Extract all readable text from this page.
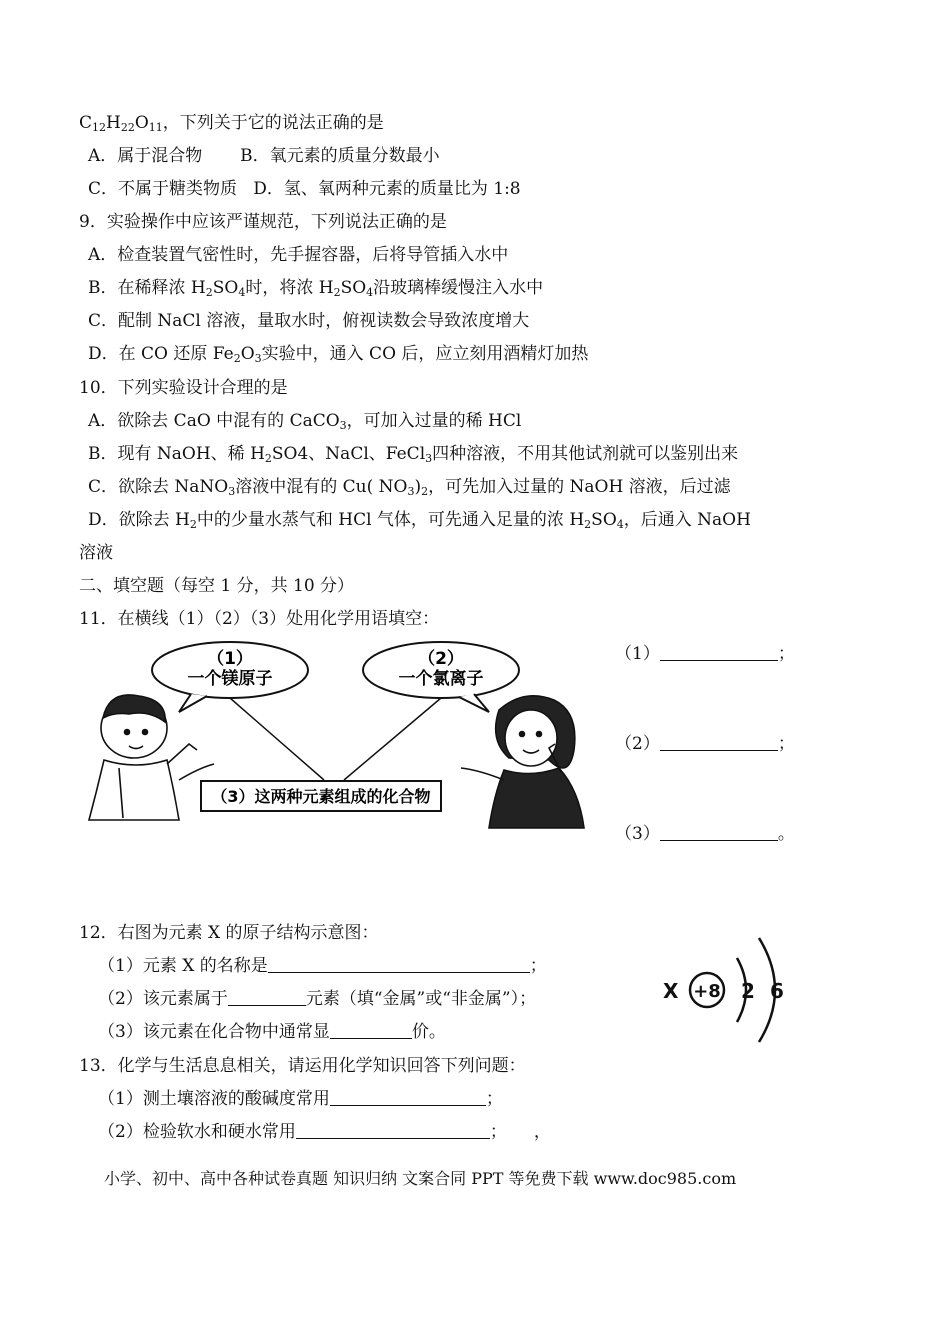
$C_{12}H_{22}O_{11}$，下列关于它的说法正确的是
A．属于混合物 B．氧元素的质量分数最小
C．不属于糖类物质 D．氢、氧两种元素的质量比为 1:8
9．实验操作中应该严谨规范，下列说法正确的是
A．检查装置气密性时，先手握容器，后将导管插入水中
B．在稀释浓 $H_2SO_4$时，将浓 $H_2SO_4$沿玻璃棒缓慢注入水中
C．配制 NaCl 溶液，量取水时，俯视读数会导致浓度增大
D．在 CO 还原 $Fe_2O_3$实验中，通入 CO 后，应立刻用酒精灯加热
10．下列实验设计合理的是
A．欲除去 CaO 中混有的 CaCO$_3$，可加入过量的稀 HCl
B．现有 NaOH、稀 $H_2SO4$、NaCl、FeCl$_3$四种溶液，不用其他试剂就可以鉴别出来
C．欲除去 NaNO$_3$溶液中混有的 Cu( $NO_3)_2$，可先加入过量的 NaOH 溶液，后过滤
D．欲除去 $H_2$中的少量水蒸气和 HCl 气体，可先通入足量的浓 $H_2SO_4$，后通入 NaOH
溶液
二、填空题（每空 1 分，共 10 分）
11．在横线（1）（2）（3）处用化学用语填空：
（1）
一个镁原子
（2）
一个氯离子
（3）这两种元素组成的化合物
（1）	；
（2）	；
（3）	。
12．右图为元素 X 的原子结构示意图：
（1）元素 X 的名称是	；
（2）该元素属于	元素（填“金属”或“非金属”）；
（3）该元素在化合物中通常显	价。
X +8 2 6
13．化学与生活息息相关，请运用化学知识回答下列问题：
（1）测土壤溶液的酸碱度常用	；
（2）检验软水和硬水常用	； ，
小学、初中、高中各种试卷真题 知识归纳 文案合同 PPT 等免费下载 www.doc985.com
